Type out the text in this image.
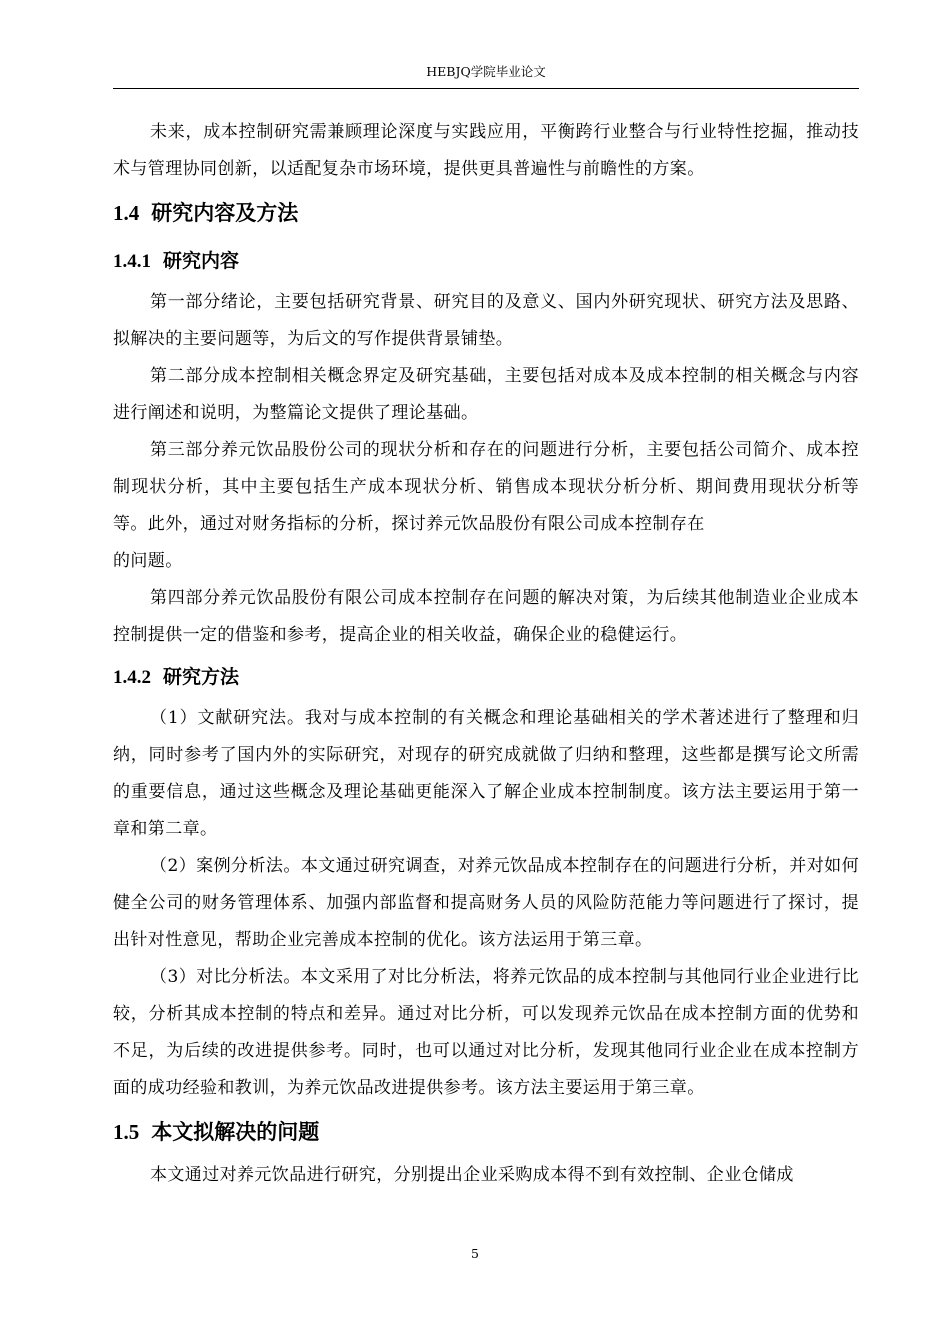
HEBJQ学院毕业论文

未来，成本控制研究需兼顾理论深度与实践应用，平衡跨行业整合与行业特性挖掘，推动技术与管理协同创新，以适配复杂市场环境，提供更具普遍性与前瞻性的方案。

1.4 研究内容及方法
1.4.1 研究内容

第一部分绪论，主要包括研究背景、研究目的及意义、国内外研究现状、研究方法及思路、拟解决的主要问题等，为后文的写作提供背景铺垫。

第二部分成本控制相关概念界定及研究基础，主要包括对成本及成本控制的相关概念与内容进行阐述和说明，为整篇论文提供了理论基础。

第三部分养元饮品股份公司的现状分析和存在的问题进行分析，主要包括公司简介、成本控制现状分析，其中主要包括生产成本现状分析、销售成本现状分析分析、期间费用现状分析等等。此外，通过对财务指标的分析，探讨养元饮品股份有限公司成本控制存在

的问题。

第四部分养元饮品股份有限公司成本控制存在问题的解决对策，为后续其他制造业企业成本控制提供一定的借鉴和参考，提高企业的相关收益，确保企业的稳健运行。

1.4.2 研究方法

（1）文献研究法。我对与成本控制的有关概念和理论基础相关的学术著述进行了整理和归纳，同时参考了国内外的实际研究，对现存的研究成就做了归纳和整理，这些都是撰写论文所需的重要信息，通过这些概念及理论基础更能深入了解企业成本控制制度。该方法主要运用于第一章和第二章。

（2）案例分析法。本文通过研究调查，对养元饮品成本控制存在的问题进行分析，并对如何健全公司的财务管理体系、加强内部监督和提高财务人员的风险防范能力等问题进行了探讨，提出针对性意见，帮助企业完善成本控制的优化。该方法运用于第三章。

（3）对比分析法。本文采用了对比分析法，将养元饮品的成本控制与其他同行业企业进行比较，分析其成本控制的特点和差异。通过对比分析，可以发现养元饮品在成本控制方面的优势和不足，为后续的改进提供参考。同时，也可以通过对比分析，发现其他同行业企业在成本控制方面的成功经验和教训，为养元饮品改进提供参考。该方法主要运用于第三章。

1.5 本文拟解决的问题

本文通过对养元饮品进行研究，分别提出企业采购成本得不到有效控制、企业仓储成

5
